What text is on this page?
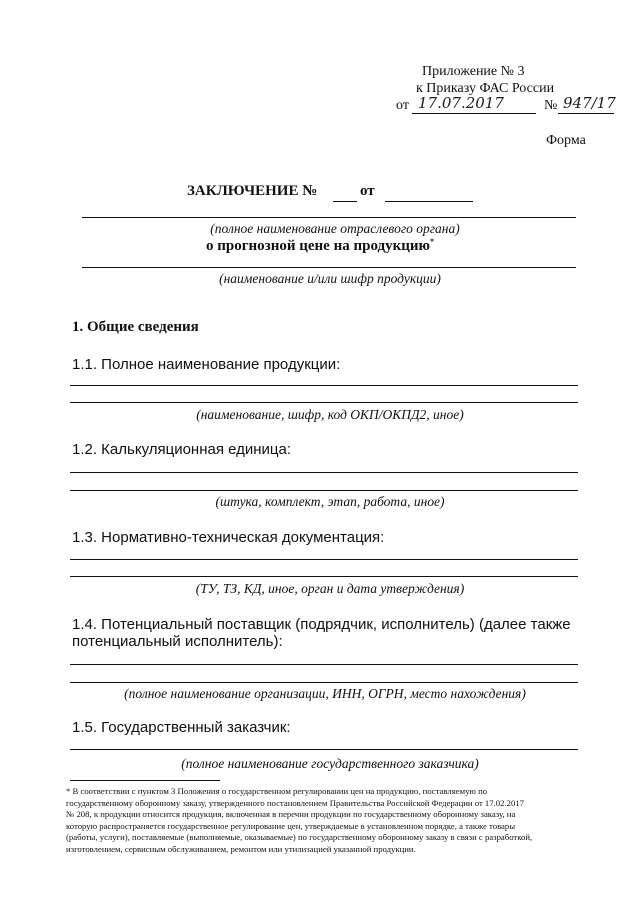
Приложение № 3
к Приказу ФАС России
от 17.07.2017	№ 947/17
Форма
ЗАКЛЮЧЕНИЕ №	от
(полное наименование отраслевого органа)
о прогнозной цене на продукцию*
(наименование и/или шифр продукции)
1. Общие сведения
1.1. Полное наименование продукции:
(наименование, шифр, код ОКП/ОКПД2, иное)
1.2. Калькуляционная единица:
(штука, комплект, этап, работа, иное)
1.3. Нормативно-техническая документация:
(ТУ, ТЗ, КД, иное, орган и дата утверждения)
1.4. Потенциальный поставщик (подрядчик, исполнитель) (далее также
потенциальный исполнитель):
(полное наименование организации, ИНН, ОГРН, место нахождения)
1.5. Государственный заказчик:
(полное наименование государственного заказчика)
* В соответствии с пунктом 3 Положения о государственном регулировании цен на продукцию, поставляемую по
государственному оборонному заказу, утвержденного постановлением Правительства Российской Федерации от 17.02.2017
№ 208, к продукции относится продукция, включенная в перечни продукции по государственному оборонному заказу, на
которую распространяется государственное регулирование цен, утверждаемые в установленном порядке, а также товары
(работы, услуги), поставляемые (выполняемые, оказываемые) по государственному оборонному заказу в связи с разработкой,
изготовлением, сервисным обслуживанием, ремонтом или утилизацией указанной продукции.
